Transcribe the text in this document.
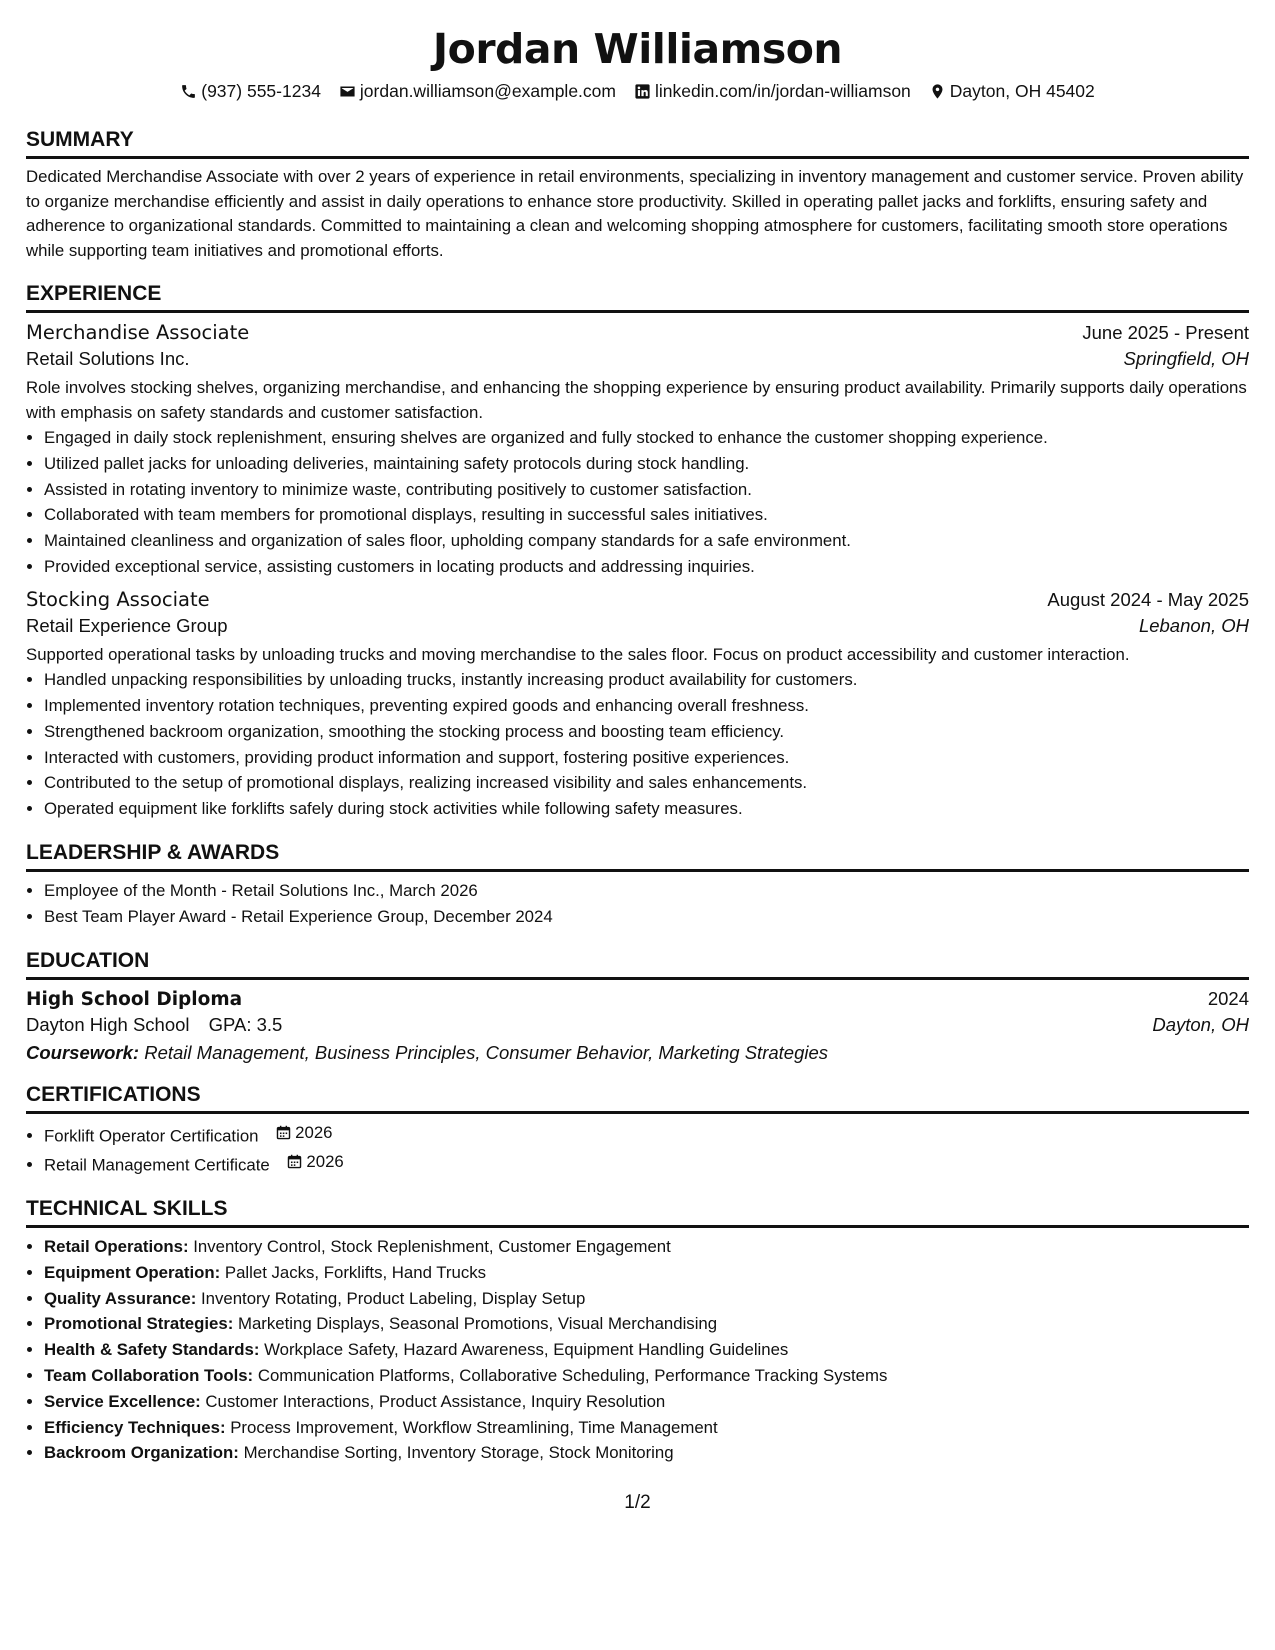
Jordan Williamson
(937) 555-1234 jordan.williamson@example.com linkedin.com/in/jordan-williamson Dayton, OH 45402
SUMMARY

Dedicated Merchandise Associate with over 2 years of experience in retail environments, specializing in inventory management and customer service. Proven ability to organize merchandise efficiently and assist in daily operations to enhance store productivity. Skilled in operating pallet jacks and forklifts, ensuring safety and adherence to organizational standards. Committed to maintaining a clean and welcoming shopping atmosphere for customers, facilitating smooth store operations while supporting team initiatives and promotional efforts.

EXPERIENCE
Merchandise Associate	June 2025 - Present
Retail Solutions Inc.	Springfield, OH

Role involves stocking shelves, organizing merchandise, and enhancing the shopping experience by ensuring product availability. Primarily supports daily operations with emphasis on safety standards and customer satisfaction.

• Engaged in daily stock replenishment, ensuring shelves are organized and fully stocked to enhance the customer shopping experience.
• Utilized pallet jacks for unloading deliveries, maintaining safety protocols during stock handling.
• Assisted in rotating inventory to minimize waste, contributing positively to customer satisfaction.
• Collaborated with team members for promotional displays, resulting in successful sales initiatives.
• Maintained cleanliness and organization of sales floor, upholding company standards for a safe environment.
• Provided exceptional service, assisting customers in locating products and addressing inquiries.
Stocking Associate	August 2024 - May 2025
Retail Experience Group	Lebanon, OH

Supported operational tasks by unloading trucks and moving merchandise to the sales floor. Focus on product accessibility and customer interaction.

• Handled unpacking responsibilities by unloading trucks, instantly increasing product availability for customers.
• Implemented inventory rotation techniques, preventing expired goods and enhancing overall freshness.
• Strengthened backroom organization, smoothing the stocking process and boosting team efficiency.
• Interacted with customers, providing product information and support, fostering positive experiences.
• Contributed to the setup of promotional displays, realizing increased visibility and sales enhancements.
• Operated equipment like forklifts safely during stock activities while following safety measures.
LEADERSHIP & AWARDS
• Employee of the Month - Retail Solutions Inc., March 2026
• Best Team Player Award - Retail Experience Group, December 2024
EDUCATION
High School Diploma	2024
Dayton High School GPA: 3.5	Dayton, OH
Coursework: Retail Management, Business Principles, Consumer Behavior, Marketing Strategies
CERTIFICATIONS
• Forklift Operator Certification 2026
• Retail Management Certificate 2026
TECHNICAL SKILLS
• Retail Operations: Inventory Control, Stock Replenishment, Customer Engagement
• Equipment Operation: Pallet Jacks, Forklifts, Hand Trucks
• Quality Assurance: Inventory Rotating, Product Labeling, Display Setup
• Promotional Strategies: Marketing Displays, Seasonal Promotions, Visual Merchandising
• Health & Safety Standards: Workplace Safety, Hazard Awareness, Equipment Handling Guidelines
• Team Collaboration Tools: Communication Platforms, Collaborative Scheduling, Performance Tracking Systems
• Service Excellence: Customer Interactions, Product Assistance, Inquiry Resolution
• Efficiency Techniques: Process Improvement, Workflow Streamlining, Time Management
• Backroom Organization: Merchandise Sorting, Inventory Storage, Stock Monitoring
1/2
